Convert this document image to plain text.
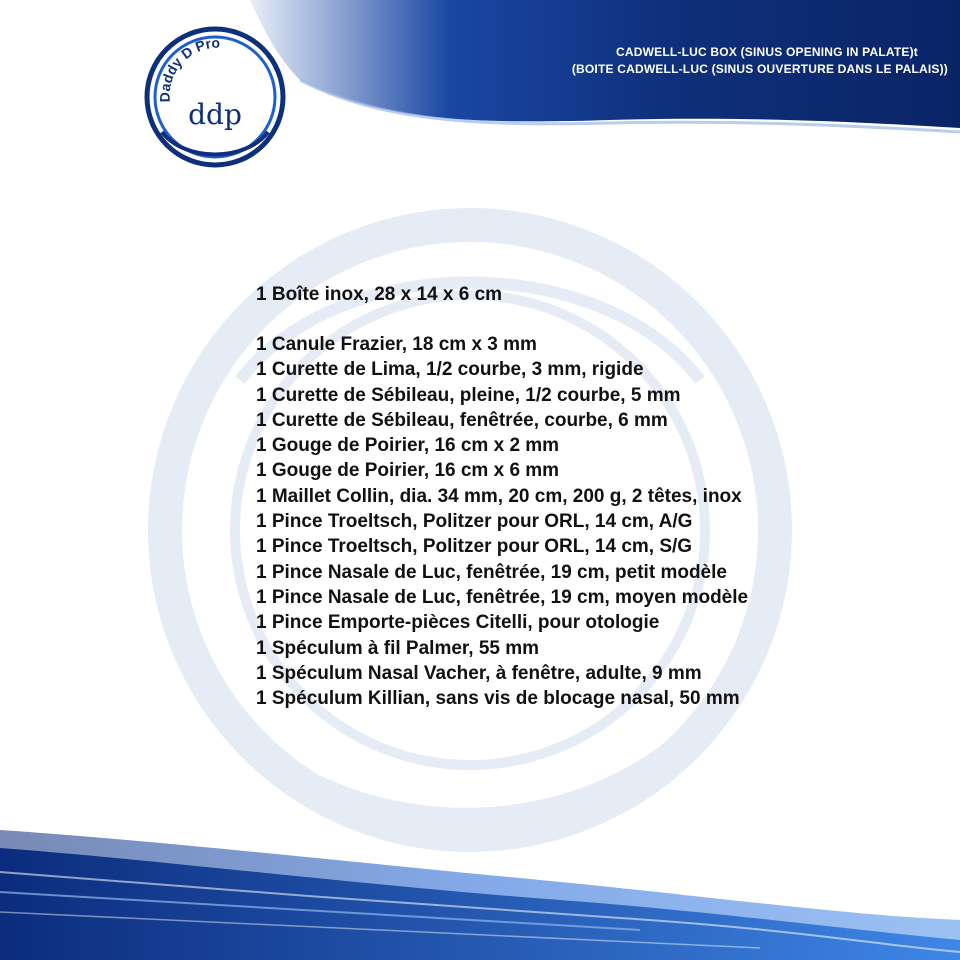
Daddy D Pro
ddp
CADWELL-LUC BOX (SINUS OPENING IN PALATE)t
(BOITE CADWELL-LUC (SINUS OUVERTURE DANS LE PALAIS))
1 Boîte inox, 28 x 14 x 6 cm
1 Canule Frazier, 18 cm x 3 mm
1 Curette de Lima, 1/2 courbe, 3 mm, rigide
1 Curette de Sébileau, pleine, 1/2 courbe, 5 mm
1 Curette de Sébileau, fenêtrée, courbe, 6 mm
1 Gouge de Poirier, 16 cm x 2 mm
1 Gouge de Poirier, 16 cm x 6 mm
1 Maillet Collin, dia. 34 mm, 20 cm, 200 g, 2 têtes, inox
1 Pince Troeltsch, Politzer pour ORL, 14 cm, A/G
1 Pince Troeltsch, Politzer pour ORL, 14 cm, S/G
1 Pince Nasale de Luc, fenêtrée, 19 cm, petit modèle
1 Pince Nasale de Luc, fenêtrée, 19 cm, moyen modèle
1 Pince Emporte-pièces Citelli, pour otologie
1 Spéculum à fil Palmer, 55 mm
1 Spéculum Nasal Vacher, à fenêtre, adulte, 9 mm
1 Spéculum Killian, sans vis de blocage nasal, 50 mm
